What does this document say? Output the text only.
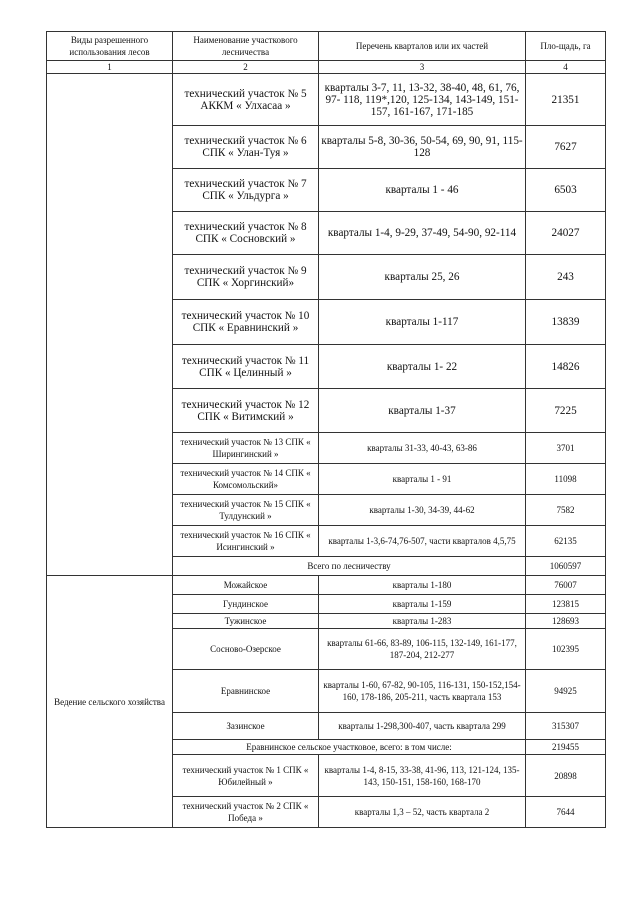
Виды разрешенного использования лесов	Наименование участкового лесничества	Перечень кварталов или их частей	Пло-щадь, га
1	2	3	4
	технический участок № 5 АККМ « Улхасаа »	кварталы 3-7, 11, 13-32, 38-40, 48, 61, 76, 97- 118, 119*,120, 125-134, 143-149, 151-157, 161-167, 171-185	21351
	технический участок № 6 СПК « Улан-Туя »	кварталы 5-8, 30-36, 50-54, 69, 90, 91, 115-128	7627
	технический участок № 7 СПК « Ульдурга »	кварталы 1 - 46	6503
	технический участок № 8 СПК « Сосновский »	кварталы 1-4, 9-29, 37-49, 54-90, 92-114	24027
	технический участок № 9 СПК « Хоргинский»	кварталы 25, 26	243
	технический участок № 10 СПК « Еравнинский »	кварталы 1-117	13839
	технический участок № 11 СПК « Целинный »	кварталы 1- 22	14826
	технический участок № 12 СПК « Витимский »	кварталы 1-37	7225
	технический участок № 13 СПК « Ширингинский »	кварталы 31-33, 40-43, 63-86	3701
	технический участок № 14 СПК « Комсомольский»	кварталы 1 - 91	11098
	технический участок № 15 СПК « Тулдунский »	кварталы 1-30, 34-39, 44-62	7582
	технический участок № 16 СПК « Исингинский »	кварталы 1-3,6-74,76-507, части кварталов 4,5,75	62135
	Всего по лесничеству		1060597
Ведение сельского хозяйства	Можайское	кварталы 1-180	76007
	Гундинское	кварталы 1-159	123815
	Тужинское	кварталы 1-283	128693
	Сосново-Озерское	кварталы 61-66, 83-89, 106-115, 132-149, 161-177, 187-204, 212-277	102395
	Еравнинское	кварталы 1-60, 67-82, 90-105, 116-131, 150-152,154-160, 178-186, 205-211, часть квартала 153	94925
	Зазинское	кварталы 1-298,300-407, часть квартала 299	315307
	Еравнинское сельское участковое, всего: в том числе:		219455
	технический участок № 1 СПК « Юбилейный »	кварталы 1-4, 8-15, 33-38, 41-96, 113, 121-124, 135-143, 150-151, 158-160, 168-170	20898
	технический участок № 2 СПК « Победа »	кварталы 1,3 – 52, часть квартала 2	7644
